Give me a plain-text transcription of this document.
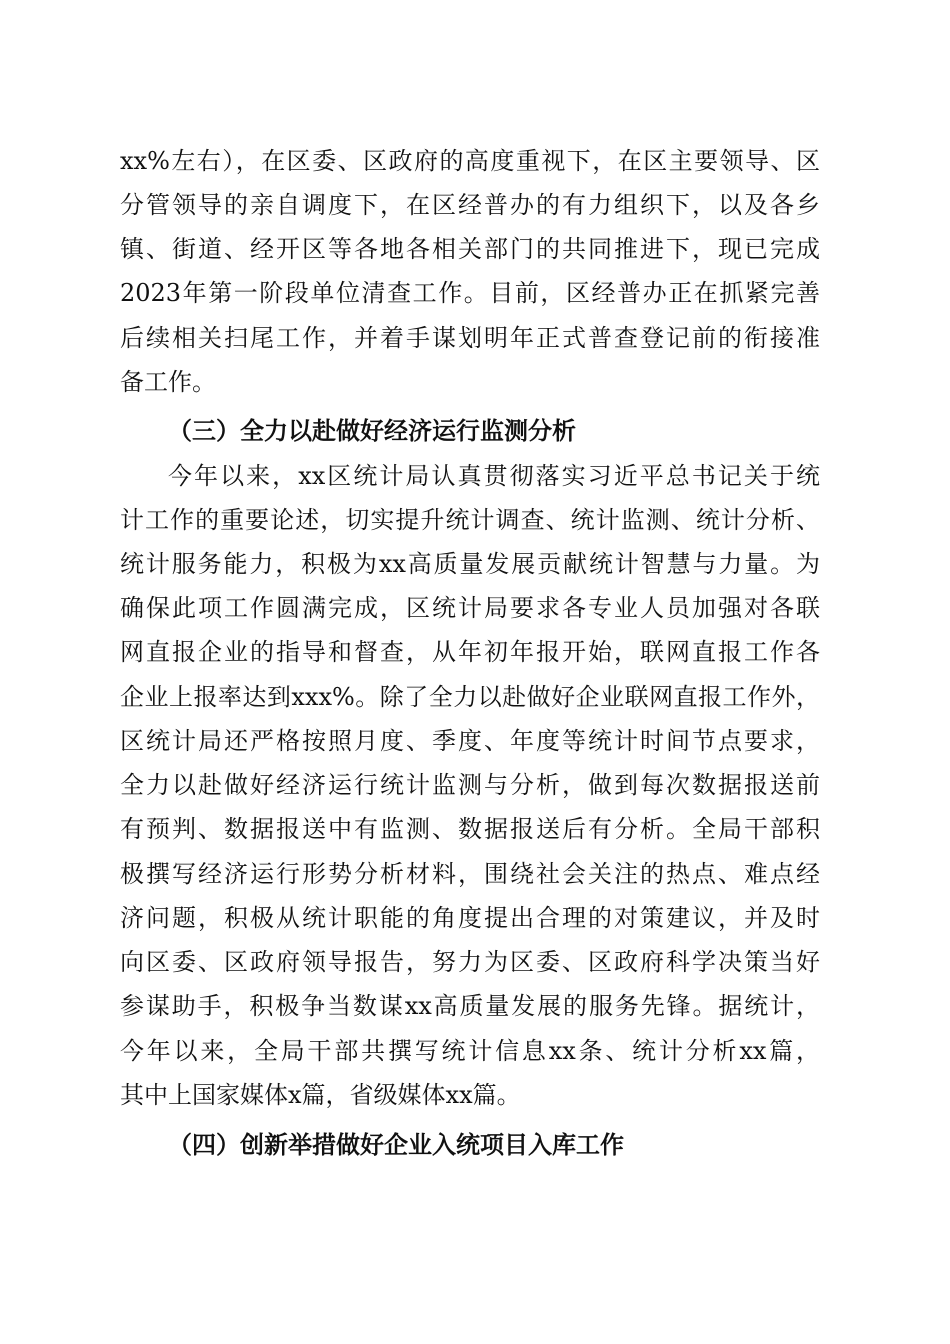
xx%左右），在区委、区政府的高度重视下，在区主要领导、区
分管领导的亲自调度下，在区经普办的有力组织下，以及各乡
镇、街道、经开区等各地各相关部门的共同推进下，现已完成
2023年第一阶段单位清查工作。目前，区经普办正在抓紧完善
后续相关扫尾工作，并着手谋划明年正式普查登记前的衔接准
备工作。
（三）全力以赴做好经济运行监测分析
今年以来，xx区统计局认真贯彻落实习近平总书记关于统
计工作的重要论述，切实提升统计调查、统计监测、统计分析、
统计服务能力，积极为xx高质量发展贡献统计智慧与力量。为
确保此项工作圆满完成，区统计局要求各专业人员加强对各联
网直报企业的指导和督查，从年初年报开始，联网直报工作各
企业上报率达到xxx%。除了全力以赴做好企业联网直报工作外，
区统计局还严格按照月度、季度、年度等统计时间节点要求，
全力以赴做好经济运行统计监测与分析，做到每次数据报送前
有预判、数据报送中有监测、数据报送后有分析。全局干部积
极撰写经济运行形势分析材料，围绕社会关注的热点、难点经
济问题，积极从统计职能的角度提出合理的对策建议，并及时
向区委、区政府领导报告，努力为区委、区政府科学决策当好
参谋助手，积极争当数谋xx高质量发展的服务先锋。据统计，
今年以来，全局干部共撰写统计信息xx条、统计分析xx篇，
其中上国家媒体x篇，省级媒体xx篇。
（四）创新举措做好企业入统项目入库工作
